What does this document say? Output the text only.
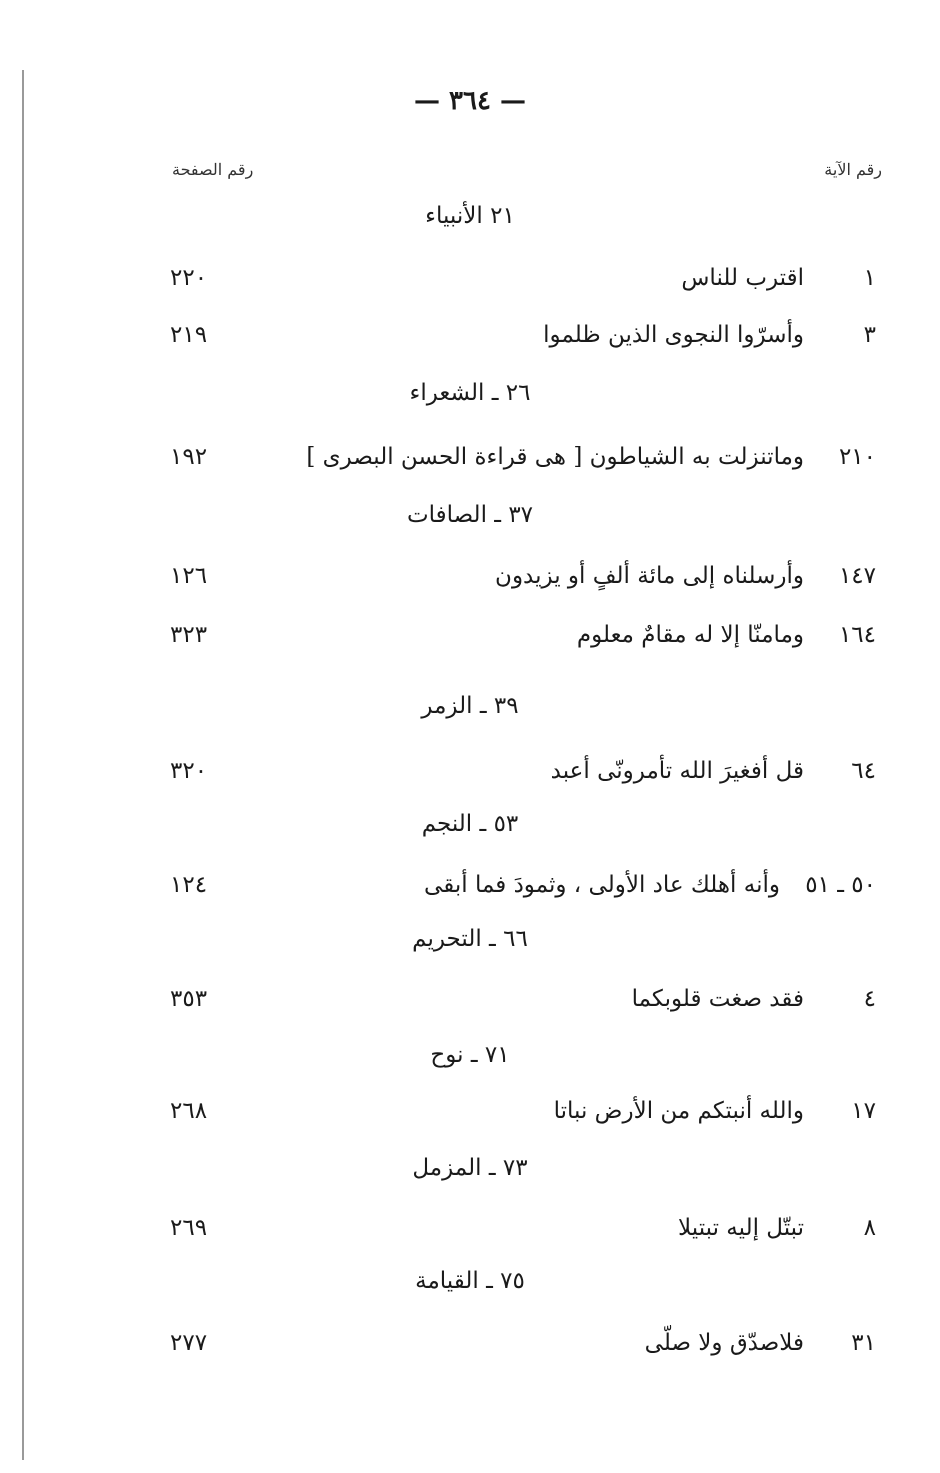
— ٣٦٤ —
رقم الآية
رقم الصفحة
٢١ الأنبياء
١
اقترب للناس
٢٢٠
٣
وأسرّوا النجوى الذين ظلموا
٢١٩
٢٦ ـ الشعراء
٢١٠
وماتنزلت به الشياطون [ هى قراءة الحسن البصرى ]
١٩٢
٣٧ ـ الصافات
١٤٧
وأرسلناه إلى مائة ألفٍ أو يزيدون
١٢٦
١٦٤
ومامنّا إلا له مقامٌ معلوم
٣٢٣
٣٩ ـ الزمر
٦٤
قل أفغيرَ الله تأمرونّى أعبد
٣٢٠
٥٣ ـ النجم
٥٠ ـ ٥١
وأنه أهلك عاد الأولى ، وثمودَ فما أبقى
١٢٤
٦٦ ـ التحريم
٤
فقد صغت قلوبكما
٣٥٣
٧١ ـ نوح
١٧
والله أنبتكم من الأرض نباتا
٢٦٨
٧٣ ـ المزمل
٨
تبتّل إليه تبتيلا
٢٦٩
٧٥ ـ القيامة
٣١
فلاصدّق ولا صلّى
٢٧٧
